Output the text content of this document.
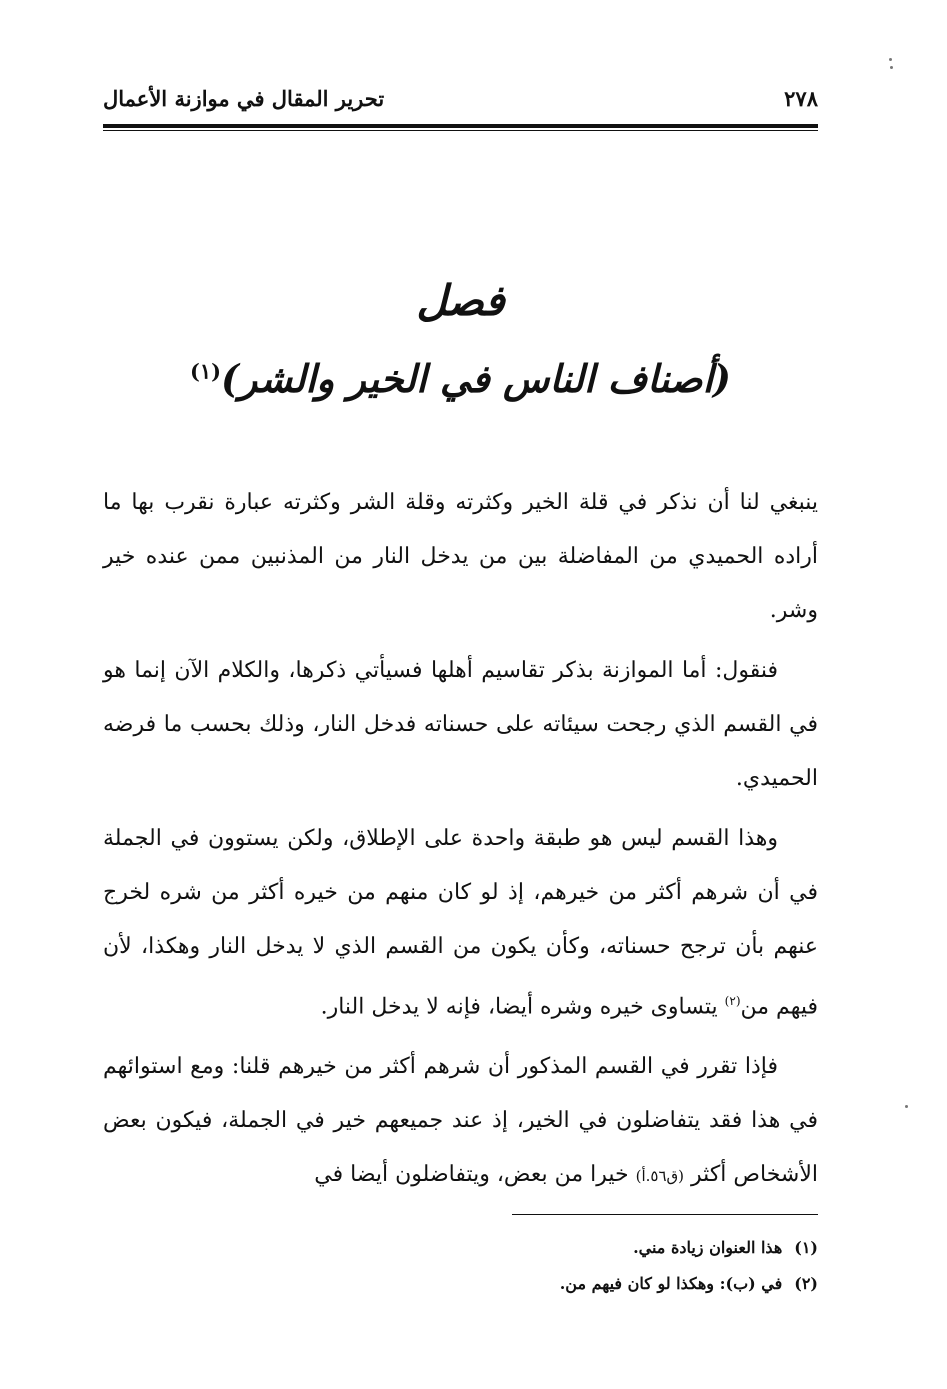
٢٧٨
تحرير المقال في موازنة الأعمال
فصل
(أصناف الناس في الخير والشر)$^{(١)}$

ينبغي لنا أن نذكر في قلة الخير وكثرته وقلة الشر وكثرته عبارة نقرب بها ما أراده الحميدي من المفاضلة بين من يدخل النار من المذنبين ممن عنده خير وشر.

فنقول: أما الموازنة بذكر تقاسيم أهلها فسيأتي ذكرها، والكلام الآن إنما هو في القسم الذي رجحت سيئاته على حسناته فدخل النار، وذلك بحسب ما فرضه الحميدي.

وهذا القسم ليس هو طبقة واحدة على الإطلاق، ولكن يستوون في الجملة في أن شرهم أكثر من خيرهم، إذ لو كان منهم من خيره أكثر من شره لخرج عنهم بأن ترجح حسناته، وكأن يكون من القسم الذي لا يدخل النار وهكذا، لأن فيهم من$^{(٢)}$ يتساوى خيره وشره أيضا، فإنه لا يدخل النار.

فإذا تقرر في القسم المذكور أن شرهم أكثر من خيرهم قلنا: ومع استوائهم في هذا فقد يتفاضلون في الخير، إذ عند جميعهم خير في الجملة، فيكون بعض الأشخاص أكثر (ق٥٦.أ) خيرا من بعض، ويتفاضلون أيضا في

(١)هذا العنوان زيادة مني.

(٢)في (ب): وهكذا لو كان فيهم من.
